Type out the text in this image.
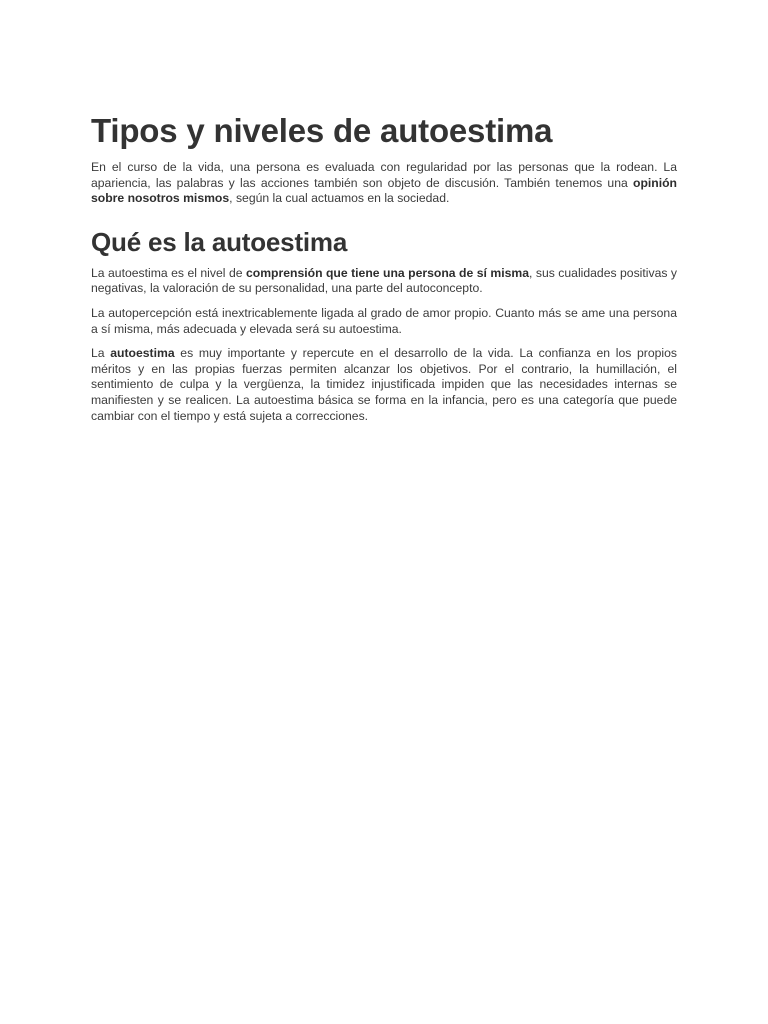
Tipos y niveles de autoestima

En el curso de la vida, una persona es evaluada con regularidad por las personas que la rodean. La apariencia, las palabras y las acciones también son objeto de discusión. También tenemos una opinión sobre nosotros mismos, según la cual actuamos en la sociedad.

Qué es la autoestima

La autoestima es el nivel de comprensión que tiene una persona de sí misma, sus cualidades positivas y negativas, la valoración de su personalidad, una parte del autoconcepto.

La autopercepción está inextricablemente ligada al grado de amor propio. Cuanto más se ame una persona a sí misma, más adecuada y elevada será su autoestima.

La autoestima es muy importante y repercute en el desarrollo de la vida. La confianza en los propios méritos y en las propias fuerzas permiten alcanzar los objetivos. Por el contrario, la humillación, el sentimiento de culpa y la vergüenza, la timidez injustificada impiden que las necesidades internas se manifiesten y se realicen. La autoestima básica se forma en la infancia, pero es una categoría que puede cambiar con el tiempo y está sujeta a correcciones.
